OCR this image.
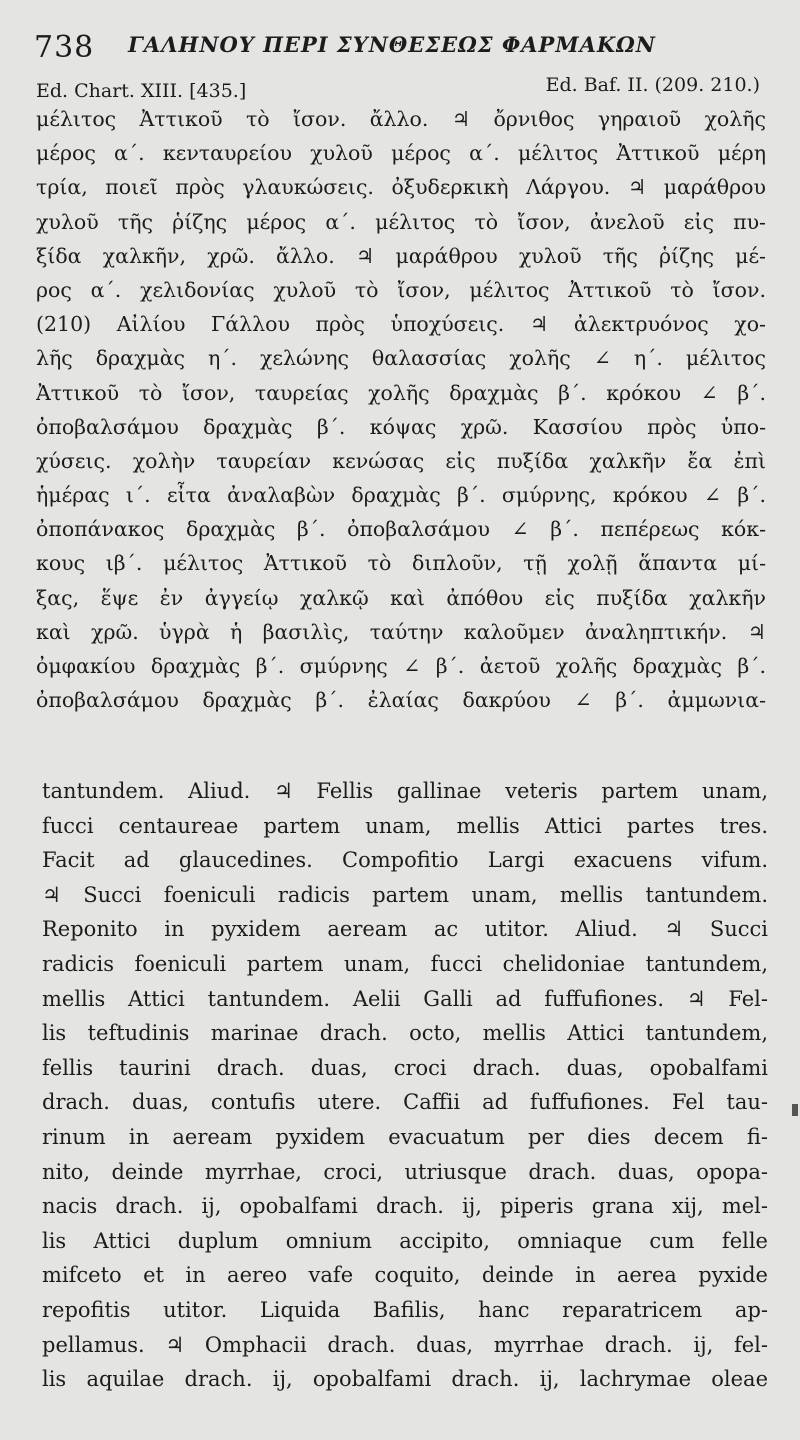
738 ΓΑΛΗΝΟΥ ΠΕΡΙ ΣΥΝΘΕΣΕΩΣ ΦΑΡΜΑΚΩΝ
Ed. Chart. XIII. [435.]	Ed. Baf. II. (209. 210.)
μέλιτος Ἀττικοῦ τὸ ἴσον. ἄλλο. ♃ ὄρνιθος γηραιοῦ χολῆς
μέρος α΄. κενταυρείου χυλοῦ μέρος α΄. μέλιτος Ἀττικοῦ μέρη
τρία, ποιεῖ πρὸς γλαυκώσεις. ὀξυδερκικὴ Λάργου. ♃ μαράθρου
χυλοῦ τῆς ῥίζης μέρος α΄. μέλιτος τὸ ἴσον, ἀνελοῦ εἰς πυ-
ξίδα χαλκῆν, χρῶ. ἄλλο. ♃ μαράθρου χυλοῦ τῆς ῥίζης μέ-
ρος α΄. χελιδονίας χυλοῦ τὸ ἴσον, μέλιτος Ἀττικοῦ τὸ ἴσον.
(210) Αἰλίου Γάλλου πρὸς ὑποχύσεις. ♃ ἀλεκτρυόνος χο-
λῆς δραχμὰς η΄. χελώνης θαλασσίας χολῆς ∠ η΄. μέλιτος
Ἀττικοῦ τὸ ἴσον, ταυρείας χολῆς δραχμὰς β΄. κρόκου ∠ β΄.
ὀποβαλσάμου δραχμὰς β΄. κόψας χρῶ. Κασσίου πρὸς ὑπο-
χύσεις. χολὴν ταυρείαν κενώσας εἰς πυξίδα χαλκῆν ἔα ἐπὶ
ἡμέρας ι΄. εἶτα ἀναλαβὼν δραχμὰς β΄. σμύρνης, κρόκου ∠ β΄.
ὀποπάνακος δραχμὰς β΄. ὀποβαλσάμου ∠ β΄. πεπέρεως κόκ-
κους ιβ΄. μέλιτος Ἀττικοῦ τὸ διπλοῦν, τῇ χολῇ ἅπαντα μί-
ξας, ἕψε ἐν ἀγγείῳ χαλκῷ καὶ ἀπόθου εἰς πυξίδα χαλκῆν
καὶ χρῶ. ὑγρὰ ἡ βασιλὶς, ταύτην καλοῦμεν ἀναληπτικήν. ♃
ὀμφακίου δραχμὰς β΄. σμύρνης ∠ β΄. ἀετοῦ χολῆς δραχμὰς β΄.
ὀποβαλσάμου δραχμὰς β΄. ἐλαίας δακρύου ∠ β΄. ἀμμωνια-
tantundem. Aliud. ♃ Fellis gallinae veteris partem unam,
fucci centaureae partem unam, mellis Attici partes tres.
Facit ad glaucedines. Compofitio Largi exacuens vifum.
♃ Succi foeniculi radicis partem unam, mellis tantundem.
Reponito in pyxidem aeream ac utitor. Aliud. ♃ Succi
radicis foeniculi partem unam, fucci chelidoniae tantundem,
mellis Attici tantundem. Aelii Galli ad fuffufiones. ♃ Fel-
lis teftudinis marinae drach. octo, mellis Attici tantundem,
fellis taurini drach. duas, croci drach. duas, opobalfami
drach. duas, contufis utere. Caffii ad fuffufiones. Fel tau-
rinum in aeream pyxidem evacuatum per dies decem fi-
nito, deinde myrrhae, croci, utriusque drach. duas, opopa-
nacis drach. ij, opobalfami drach. ij, piperis grana xij, mel-
lis Attici duplum omnium accipito, omniaque cum felle
mifceto et in aereo vafe coquito, deinde in aerea pyxide
repofitis utitor. Liquida Bafilis, hanc reparatricem ap-
pellamus. ♃ Omphacii drach. duas, myrrhae drach. ij, fel-
lis aquilae drach. ij, opobalfami drach. ij, lachrymae oleae
